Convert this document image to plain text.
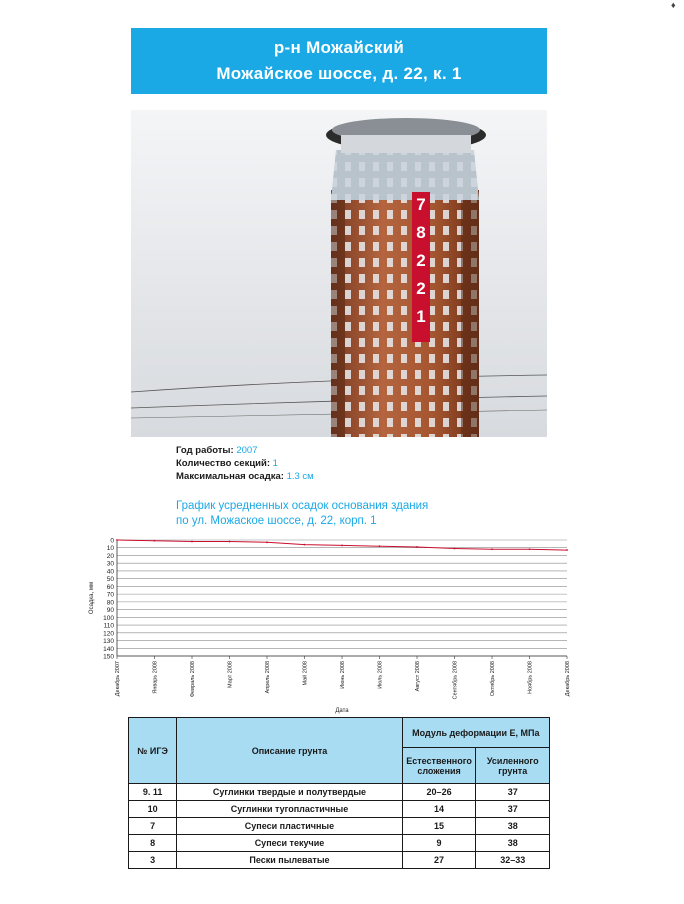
♦
р-н Можайский
Можайское шоссе, д. 22, к. 1
7
8
2
2
1
Год работы: 2007
Количество секций: 1
Максимальная осадка: 1.3 см
График усредненных осадок основания здания
по ул. Можаское шоссе, д. 22, корп. 1
0
10
20
30
40
50
60
70
80
90
100
110
120
130
140
150
Декабрь 2007	Январь 2008	Февраль 2008	Март 2008	Апрель 2008	Май 2008	Июнь 2008	Июль 2008	Август 2008	Сентябрь 2008	Октябрь 2008	Ноябрь 2008	Декабрь 2008
Осадка, мм
Дата
№ ИГЭ	Описание грунта	Модуль деформации Е, МПа	
		Естественного сложения	Усиленного грунта
9. 11	Суглинки твердые и полутвердые	20–26	37
10	Суглинки тугопластичные	14	37
7	Супеси пластичные	15	38
8	Супеси текучие	9	38
3	Пески пылеватые	27	32–33
